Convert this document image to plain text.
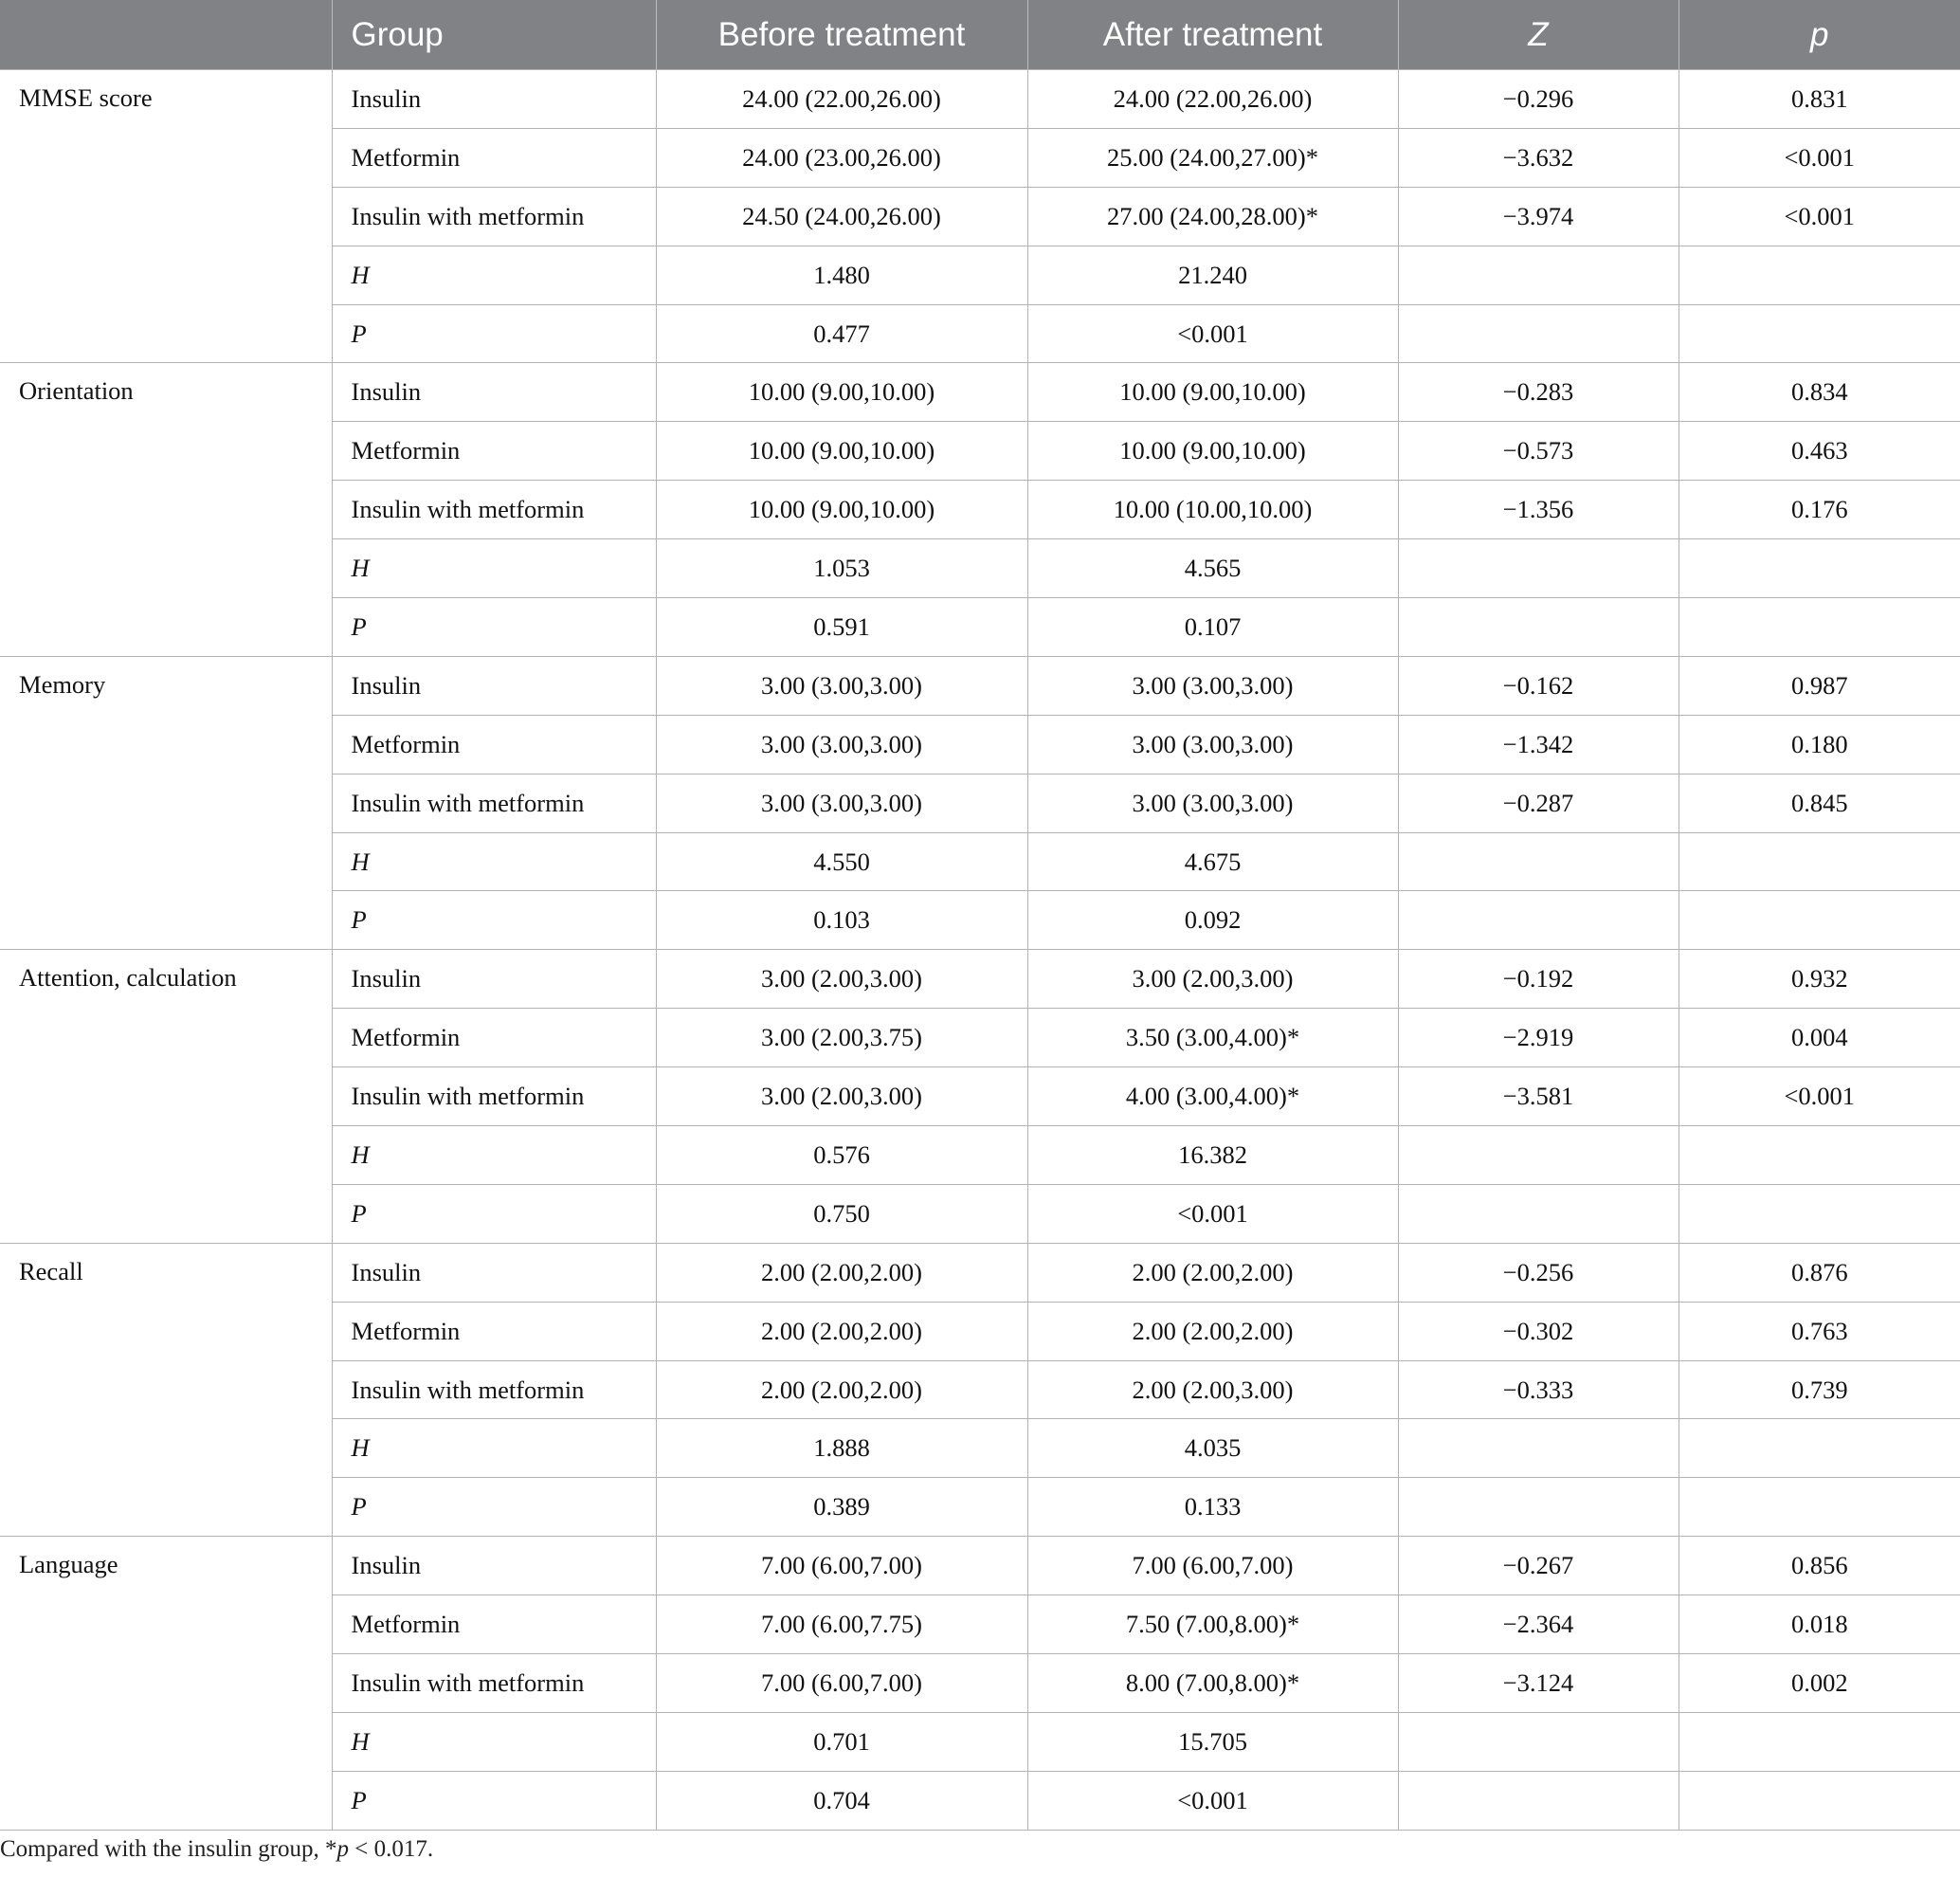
	Group	Before treatment	After treatment	Z	p
MMSE score	Insulin	24.00 (22.00,26.00)	24.00 (22.00,26.00)	−0.296	0.831
	Metformin	24.00 (23.00,26.00)	25.00 (24.00,27.00)*	−3.632	<0.001
	Insulin with metformin	24.50 (24.00,26.00)	27.00 (24.00,28.00)*	−3.974	<0.001
	H	1.480	21.240		
	P	0.477	<0.001		
Orientation	Insulin	10.00 (9.00,10.00)	10.00 (9.00,10.00)	−0.283	0.834
	Metformin	10.00 (9.00,10.00)	10.00 (9.00,10.00)	−0.573	0.463
	Insulin with metformin	10.00 (9.00,10.00)	10.00 (10.00,10.00)	−1.356	0.176
	H	1.053	4.565		
	P	0.591	0.107		
Memory	Insulin	3.00 (3.00,3.00)	3.00 (3.00,3.00)	−0.162	0.987
	Metformin	3.00 (3.00,3.00)	3.00 (3.00,3.00)	−1.342	0.180
	Insulin with metformin	3.00 (3.00,3.00)	3.00 (3.00,3.00)	−0.287	0.845
	H	4.550	4.675		
	P	0.103	0.092		
Attention, calculation	Insulin	3.00 (2.00,3.00)	3.00 (2.00,3.00)	−0.192	0.932
	Metformin	3.00 (2.00,3.75)	3.50 (3.00,4.00)*	−2.919	0.004
	Insulin with metformin	3.00 (2.00,3.00)	4.00 (3.00,4.00)*	−3.581	<0.001
	H	0.576	16.382		
	P	0.750	<0.001		
Recall	Insulin	2.00 (2.00,2.00)	2.00 (2.00,2.00)	−0.256	0.876
	Metformin	2.00 (2.00,2.00)	2.00 (2.00,2.00)	−0.302	0.763
	Insulin with metformin	2.00 (2.00,2.00)	2.00 (2.00,3.00)	−0.333	0.739
	H	1.888	4.035		
	P	0.389	0.133		
Language	Insulin	7.00 (6.00,7.00)	7.00 (6.00,7.00)	−0.267	0.856
	Metformin	7.00 (6.00,7.75)	7.50 (7.00,8.00)*	−2.364	0.018
	Insulin with metformin	7.00 (6.00,7.00)	8.00 (7.00,8.00)*	−3.124	0.002
	H	0.701	15.705		
	P	0.704	<0.001		
Compared with the insulin group, *p < 0.017.
